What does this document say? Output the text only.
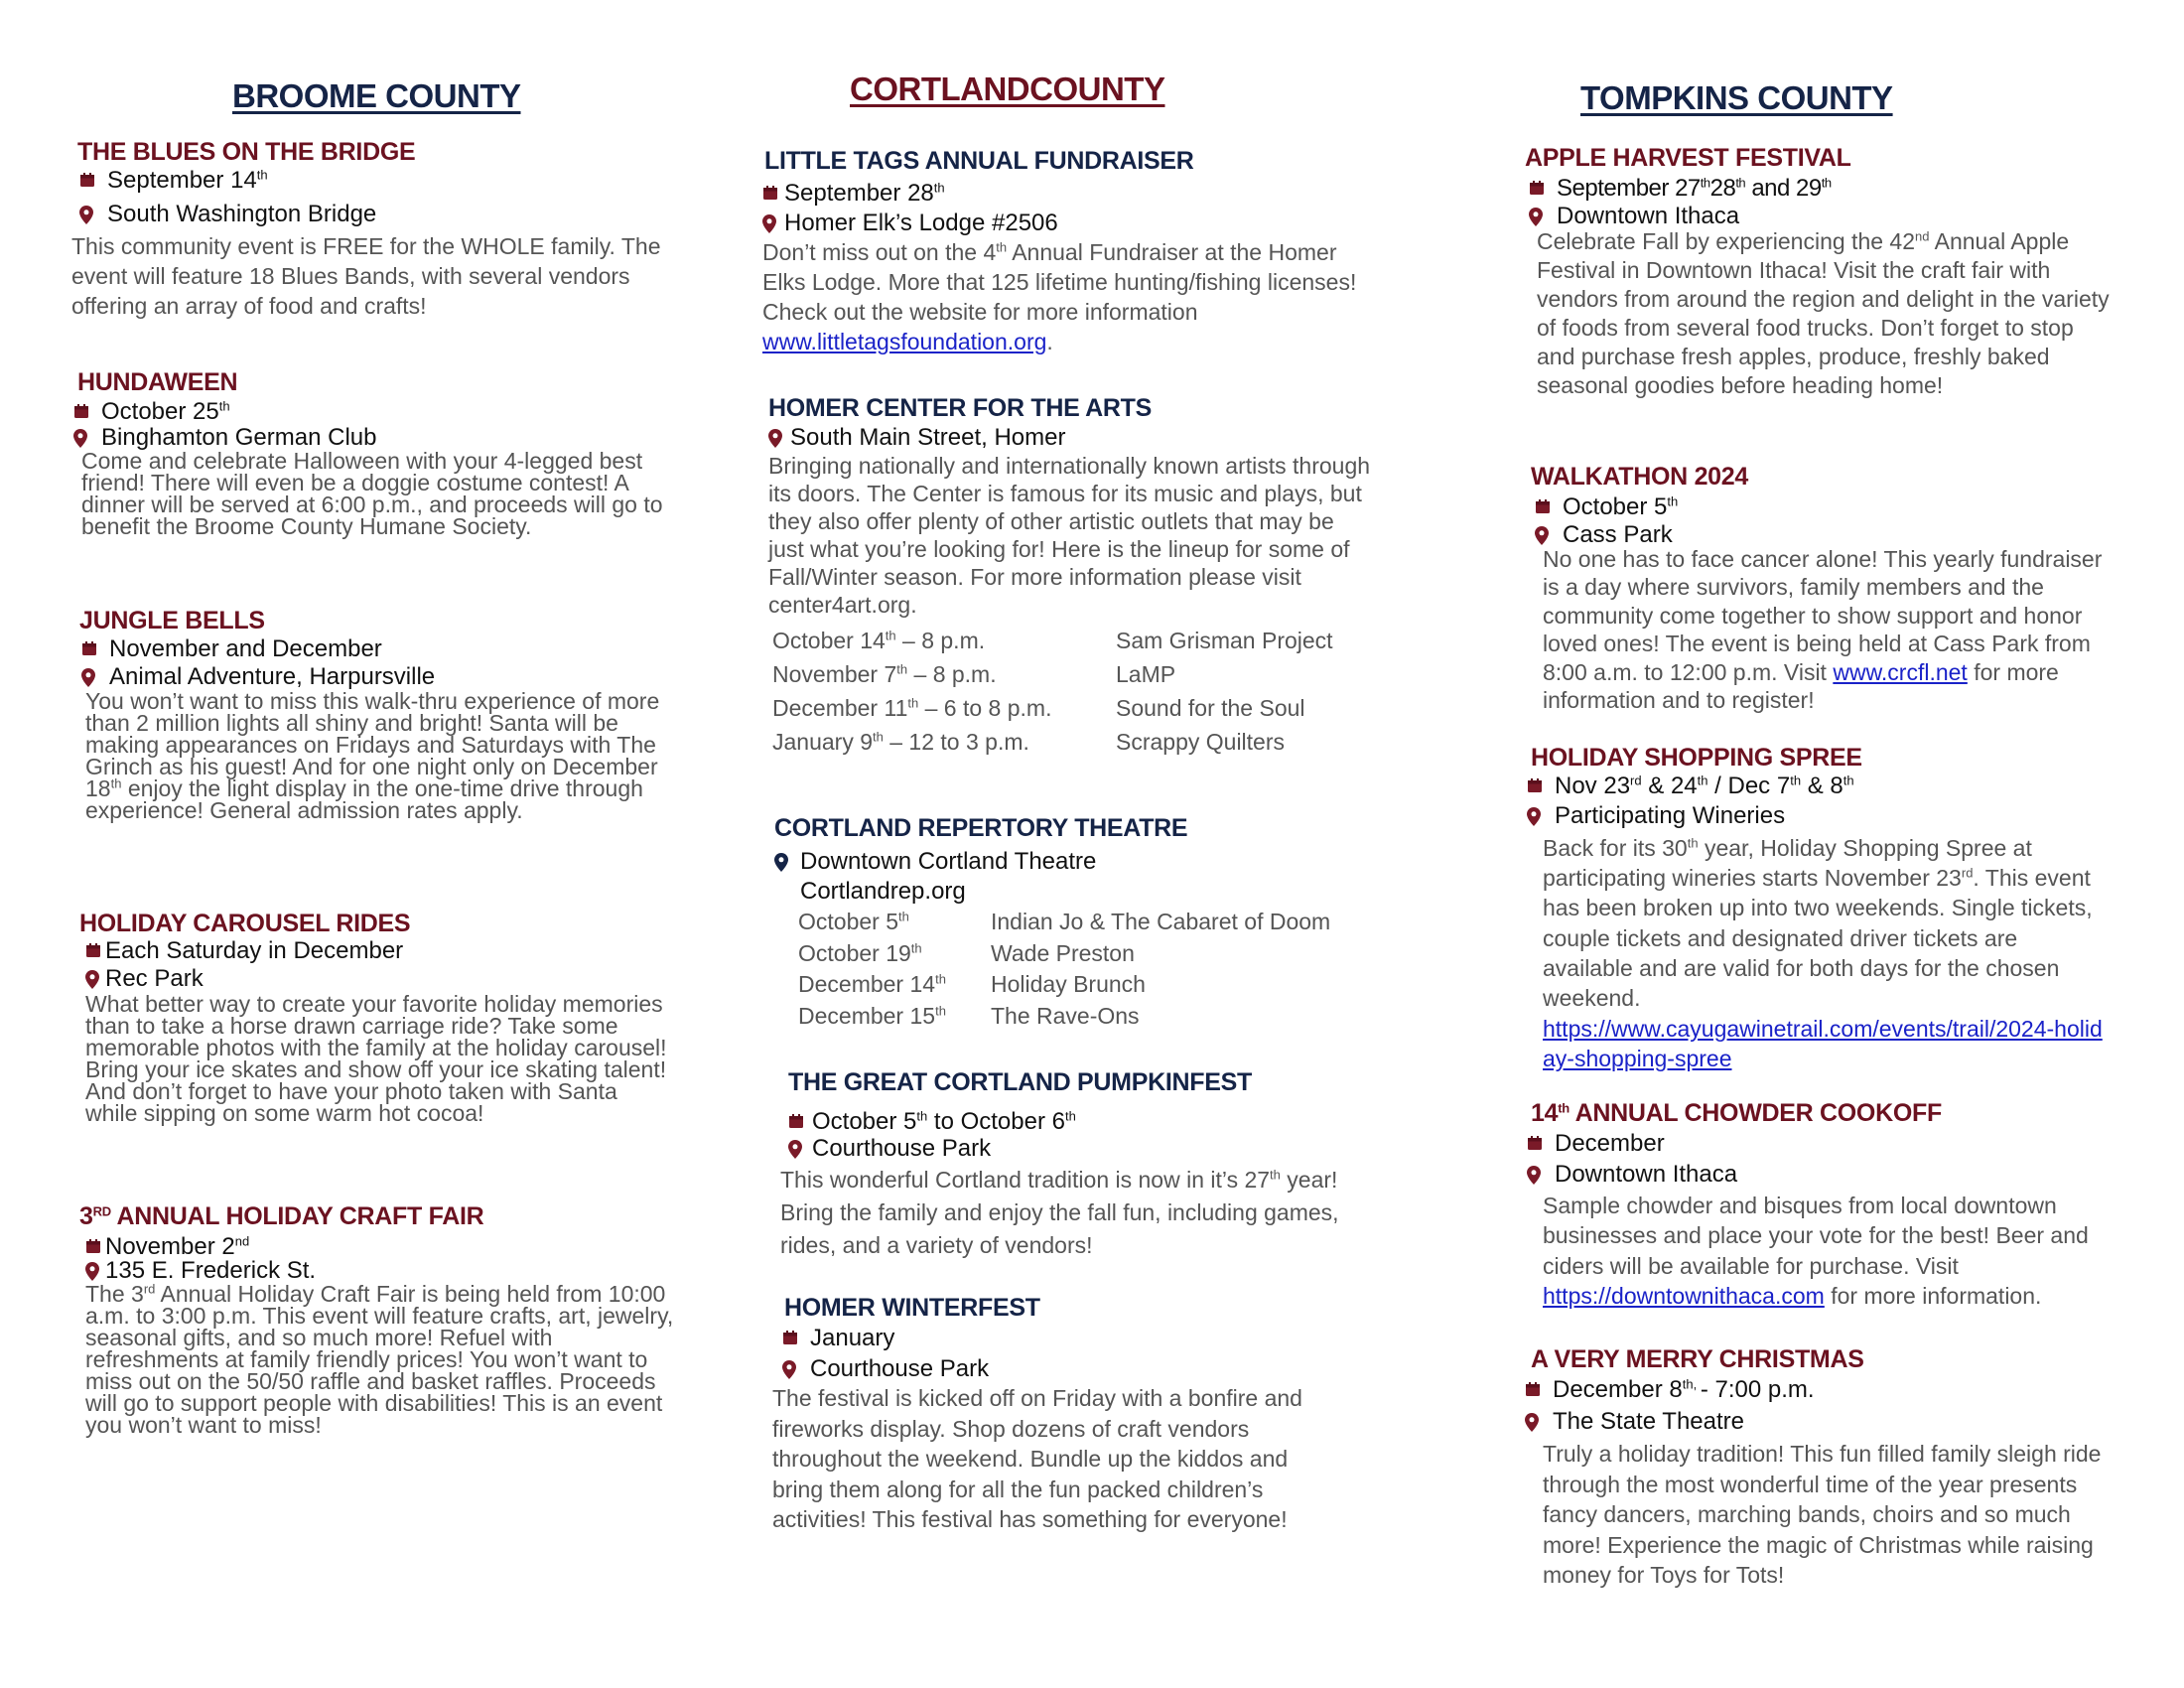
BROOME COUNTY
THE BLUES ON THE BRIDGE
September 14th
South Washington Bridge
This community event is FREE for the WHOLE family. The event will feature 18 Blues Bands, with several vendors offering an array of food and crafts!
HUNDAWEEN
October 25th
Binghamton German Club
Come and celebrate Halloween with your 4-legged best friend! There will even be a doggie costume contest! A dinner will be served at 6:00 p.m., and proceeds will go to benefit the Broome County Humane Society.
JUNGLE BELLS
November and December
Animal Adventure, Harpursville
You won’t want to miss this walk-thru experience of more than 2 million lights all shiny and bright! Santa will be making appearances on Fridays and Saturdays with The Grinch as his guest! And for one night only on December 18th enjoy the light display in the one-time drive through experience! General admission rates apply.
HOLIDAY CAROUSEL RIDES
Each Saturday in December
Rec Park
What better way to create your favorite holiday memories than to take a horse drawn carriage ride? Take some memorable photos with the family at the holiday carousel! Bring your ice skates and show off your ice skating talent! And don’t forget to have your photo taken with Santa while sipping on some warm hot cocoa!
3RD ANNUAL HOLIDAY CRAFT FAIR
November 2nd
135 E. Frederick St.
The 3rd Annual Holiday Craft Fair is being held from 10:00 a.m. to 3:00 p.m. This event will feature crafts, art, jewelry, seasonal gifts, and so much more! Refuel with refreshments at family friendly prices! You won’t want to miss out on the 50/50 raffle and basket raffles. Proceeds will go to support people with disabilities! This is an event you won’t want to miss!
CORTLANDCOUNTY
LITTLE TAGS ANNUAL FUNDRAISER
September 28th
Homer Elk’s Lodge #2506
Don’t miss out on the 4th Annual Fundraiser at the Homer Elks Lodge. More that 125 lifetime hunting/fishing licenses! Check out the website for more information www.littletagsfoundation.org.
HOMER CENTER FOR THE ARTS
South Main Street, Homer
Bringing nationally and internationally known artists through its doors. The Center is famous for its music and plays, but they also offer plenty of other artistic outlets that may be just what you’re looking for! Here is the lineup for some of Fall/Winter season. For more information please visit center4art.org.
October 14th – 8 p.m.	Sam Grisman Project
November 7th – 8 p.m.	LaMP
December 11th – 6 to 8 p.m.	Sound for the Soul
January 9th – 12 to 3 p.m.	Scrappy Quilters
CORTLAND REPERTORY THEATRE
Downtown Cortland Theatre
Cortlandrep.org
October 5th	Indian Jo & The Cabaret of Doom
October 19th	Wade Preston
December 14th Holiday Brunch
December 15th The Rave-Ons
THE GREAT CORTLAND PUMPKINFEST
October 5th to October 6th
Courthouse Park
This wonderful Cortland tradition is now in it’s 27th year! Bring the family and enjoy the fall fun, including games, rides, and a variety of vendors!
HOMER WINTERFEST
January
Courthouse Park
The festival is kicked off on Friday with a bonfire and fireworks display. Shop dozens of craft vendors throughout the weekend. Bundle up the kiddos and bring them along for all the fun packed children’s activities! This festival has something for everyone!
TOMPKINS COUNTY
APPLE HARVEST FESTIVAL
September 27th28th and 29th
Downtown Ithaca
Celebrate Fall by experiencing the 42nd Annual Apple Festival in Downtown Ithaca! Visit the craft fair with vendors from around the region and delight in the variety of foods from several food trucks. Don’t forget to stop and purchase fresh apples, produce, freshly baked seasonal goodies before heading home!
WALKATHON 2024
October 5th
Cass Park
No one has to face cancer alone! This yearly fundraiser is a day where survivors, family members and the community come together to show support and honor loved ones! The event is being held at Cass Park from 8:00 a.m. to 12:00 p.m. Visit www.crcfl.net for more information and to register!
HOLIDAY SHOPPING SPREE
Nov 23rd & 24th / Dec 7th & 8th
Participating Wineries
Back for its 30th year, Holiday Shopping Spree at participating wineries starts November 23rd. This event has been broken up into two weekends. Single tickets, couple tickets and designated driver tickets are available and are valid for both days for the chosen weekend.
https://www.cayugawinetrail.com/events/trail/2024-holiday-shopping-spree
14th ANNUAL CHOWDER COOKOFF
December
Downtown Ithaca
Sample chowder and bisques from local downtown businesses and place your vote for the best! Beer and ciders will be available for purchase. Visit https://downtownithaca.com for more information.
A VERY MERRY CHRISTMAS
December $8^{th,}$ - 7:00 p.m.
The State Theatre
Truly a holiday tradition! This fun filled family sleigh ride through the most wonderful time of the year presents fancy dancers, marching bands, choirs and so much more! Experience the magic of Christmas while raising money for Toys for Tots!
